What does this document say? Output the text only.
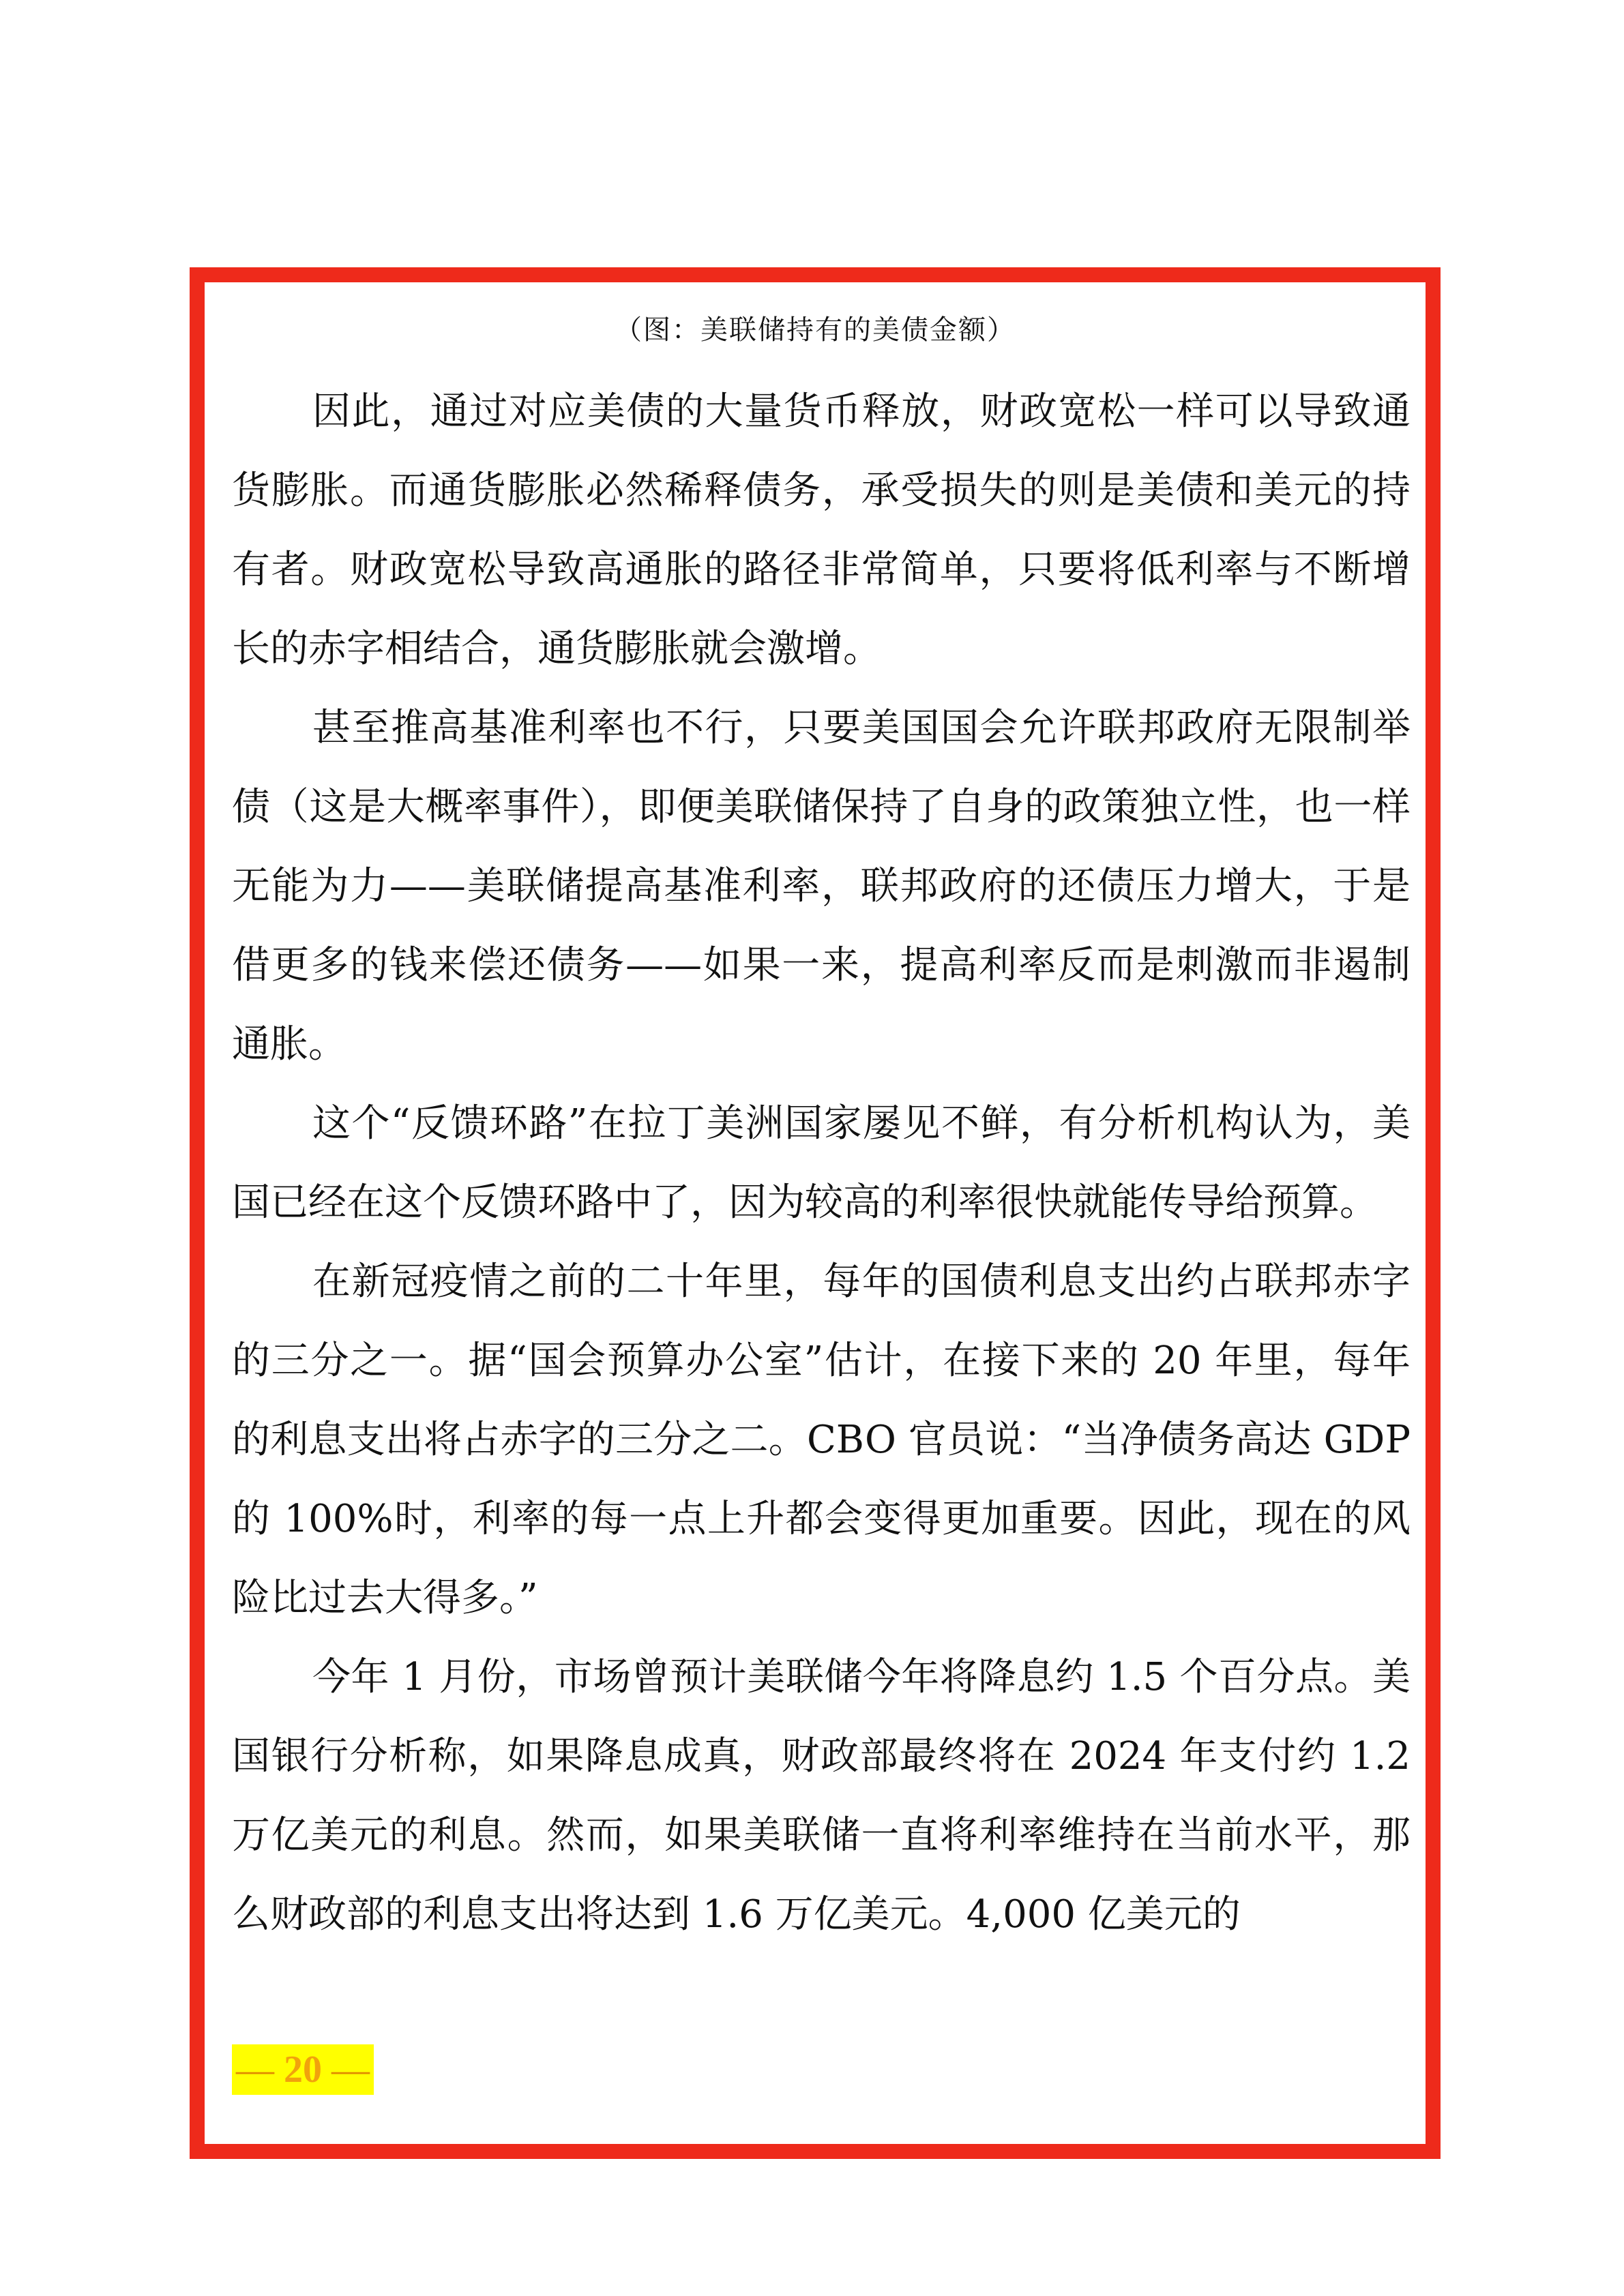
（图：美联储持有的美债金额）

因此，通过对应美债的大量货币释放，财政宽松一样可以导致通货膨胀。而通货膨胀必然稀释债务，承受损失的则是美债和美元的持有者。财政宽松导致高通胀的路径非常简单，只要将低利率与不断增长的赤字相结合，通货膨胀就会激增。

甚至推高基准利率也不行，只要美国国会允许联邦政府无限制举债（这是大概率事件），即便美联储保持了自身的政策独立性，也一样无能为力——美联储提高基准利率，联邦政府的还债压力增大，于是借更多的钱来偿还债务——如果一来，提高利率反而是刺激而非遏制通胀。

这个“反馈环路”在拉丁美洲国家屡见不鲜，有分析机构认为，美国已经在这个反馈环路中了，因为较高的利率很快就能传导给预算。

在新冠疫情之前的二十年里，每年的国债利息支出约占联邦赤字的三分之一。据“国会预算办公室”估计，在接下来的 20 年里，每年的利息支出将占赤字的三分之二。CBO 官员说：“当净债务高达 GDP 的 100%时，利率的每一点上升都会变得更加重要。因此，现在的风险比过去大得多。”

今年 1 月份，市场曾预计美联储今年将降息约 1.5 个百分点。美国银行分析称，如果降息成真，财政部最终将在 2024 年支付约 1.2 万亿美元的利息。然而，如果美联储一直将利率维持在当前水平，那么财政部的利息支出将达到 1.6 万亿美元。4,000 亿美元的

— 20 —
